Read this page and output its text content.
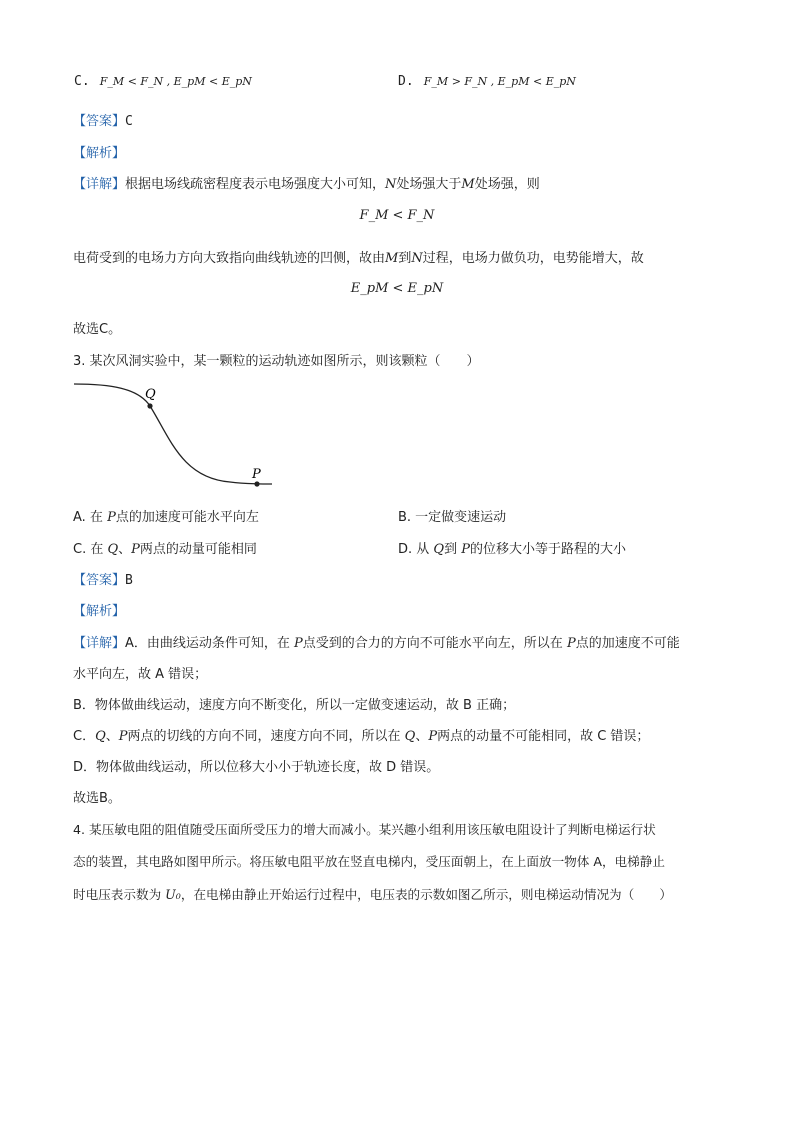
C. F_M < F_N , E_pM < E_pN	D. F_M > F_N , E_pM < E_pN
【答案】C
【解析】
【详解】根据电场线疏密程度表示电场强度大小可知，N处场强大于M处场强，则
F_M < F_N
电荷受到的电场力方向大致指向曲线轨迹的凹侧，故由M到N过程，电场力做负功，电势能增大，故
E_pM < E_pN
故选C。
3. 某次风洞实验中，某一颗粒的运动轨迹如图所示，则该颗粒（　　）
Q
P
A. 在 P点的加速度可能水平向左	B. 一定做变速运动
C. 在 Q、P两点的动量可能相同	D. 从 Q到 P的位移大小等于路程的大小
【答案】B
【解析】
【详解】A．由曲线运动条件可知，在 P点受到的合力的方向不可能水平向左，所以在 P点的加速度不可能
水平向左，故 A 错误；
B．物体做曲线运动，速度方向不断变化，所以一定做变速运动，故 B 正确；
C．Q、P两点的切线的方向不同，速度方向不同，所以在 Q、P两点的动量不可能相同，故 C 错误；
D．物体做曲线运动，所以位移大小小于轨迹长度，故 D 错误。
故选B。
4. 某压敏电阻的阻值随受压面所受压力的增大而减小。某兴趣小组利用该压敏电阻设计了判断电梯运行状
态的装置，其电路如图甲所示。将压敏电阻平放在竖直电梯内，受压面朝上，在上面放一物体 A，电梯静止
时电压表示数为 U₀，在电梯由静止开始运行过程中，电压表的示数如图乙所示，则电梯运动情况为（　　）
